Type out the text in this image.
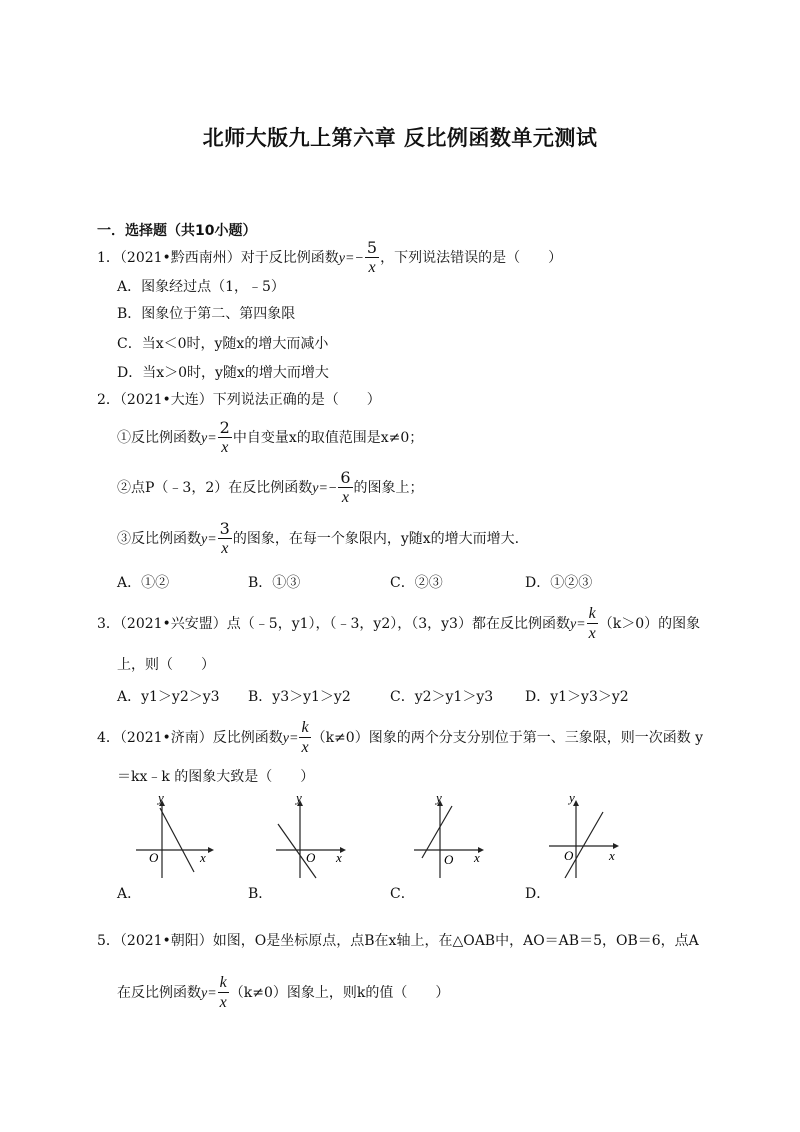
北师大版九上第六章 反比例函数单元测试
一．选择题（共10小题）
1．（2021•黔西南州）对于反比例函数$y=- \frac{5}{x}$ ，下列说法错误的是（　　）
A．图象经过点（1，﹣5）
B．图象位于第二、第四象限
C．当x＜0时，y随x的增大而减小
D．当x＞0时，y随x的增大而增大
2．（2021•大连）下列说法正确的是（　　）
①反比例函数$y= \frac{2}{x}$ 中自变量x的取值范围是x≠0；
②点P（﹣3，2）在反比例函数$y=- \frac{6}{x}$ 的图象上；
③反比例函数$y= \frac{3}{x}$ 的图象，在每一个象限内，y随x的增大而增大.
A．①②	B．①③	C．②③	D．①②③
3．（2021•兴安盟）点（﹣5，y1），（﹣3，y2），（3，y3）都在反比例函数$y= \frac{k}{x} (k>0)$的图象
上，则（　　）
A．y1＞y2＞y3 B．y3＞y1＞y2	C．y2＞y1＞y3 D．y1＞y3＞y2
4．（2021•济南）反比例函数$y= \frac{k}{x} (k\ne 0)$图象的两个分支分别位于第一、三象限，则一次函数 y
＝kx﹣k 的图象大致是（　　）
y
x
O
A．
y
x
O
B．
y
x
O
C．
y
x
O
D．
5．（2021•朝阳）如图，O是坐标原点，点B在x轴上，在△OAB中，AO＝AB＝5，OB＝6，点A
在反比例函数$y= \frac{k}{x} (k\ne 0)$图象上，则k的值（　　）
